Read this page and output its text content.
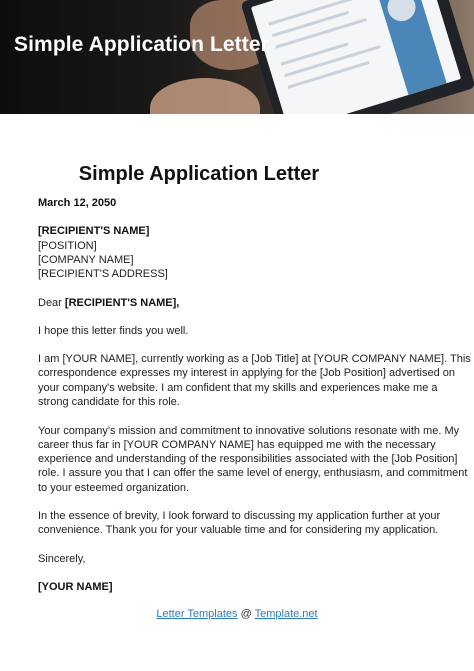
Simple Application Letter
Simple Application Letter
March 12, 2050
[RECIPIENT'S NAME]
[POSITION]
[COMPANY NAME]
[RECIPIENT'S ADDRESS]
Dear [RECIPIENT'S NAME],
I hope this letter finds you well.
I am [YOUR NAME], currently working as a [Job Title] at [YOUR COMPANY NAME]. This
correspondence expresses my interest in applying for the [Job Position] advertised on
your company's website. I am confident that my skills and experiences make me a
strong candidate for this role.
Your company's mission and commitment to innovative solutions resonate with me. My
career thus far in [YOUR COMPANY NAME] has equipped me with the necessary
experience and understanding of the responsibilities associated with the [Job Position]
role. I assure you that I can offer the same level of energy, enthusiasm, and commitment
to your esteemed organization.
In the essence of brevity, I look forward to discussing my application further at your
convenience. Thank you for your valuable time and for considering my application.
Sincerely,
[YOUR NAME]
Letter Templates @ Template.net
